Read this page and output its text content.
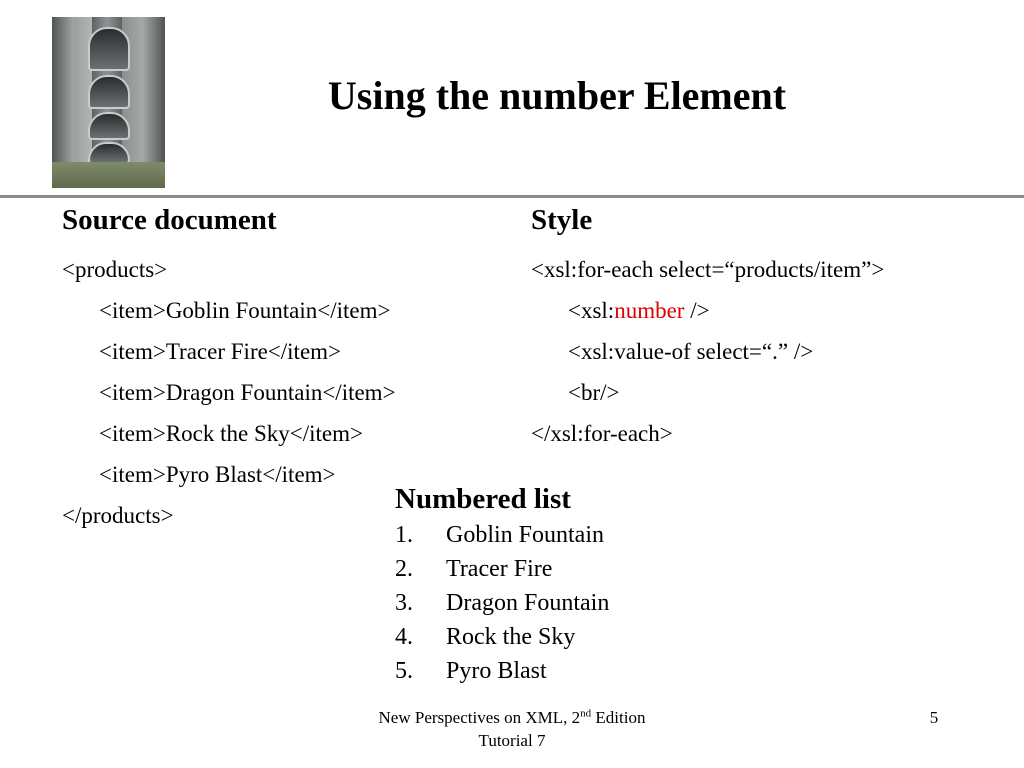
Using the number Element
Source document	Style
<products>
<item>Goblin Fountain</item>
<item>Tracer Fire</item>
<item>Dragon Fountain</item>
<item>Rock the Sky</item>
<item>Pyro Blast</item>
</products>
<xsl:for-each select=“products/item”>
<xsl:number />
<xsl:value-of select=“.” />
<br/>
</xsl:for-each>
Numbered list
1.	Goblin Fountain
2.	Tracer Fire
3.	Dragon Fountain
4.	Rock the Sky
5.	Pyro Blast
New Perspectives on XML, 2nd Edition
Tutorial 7
5
